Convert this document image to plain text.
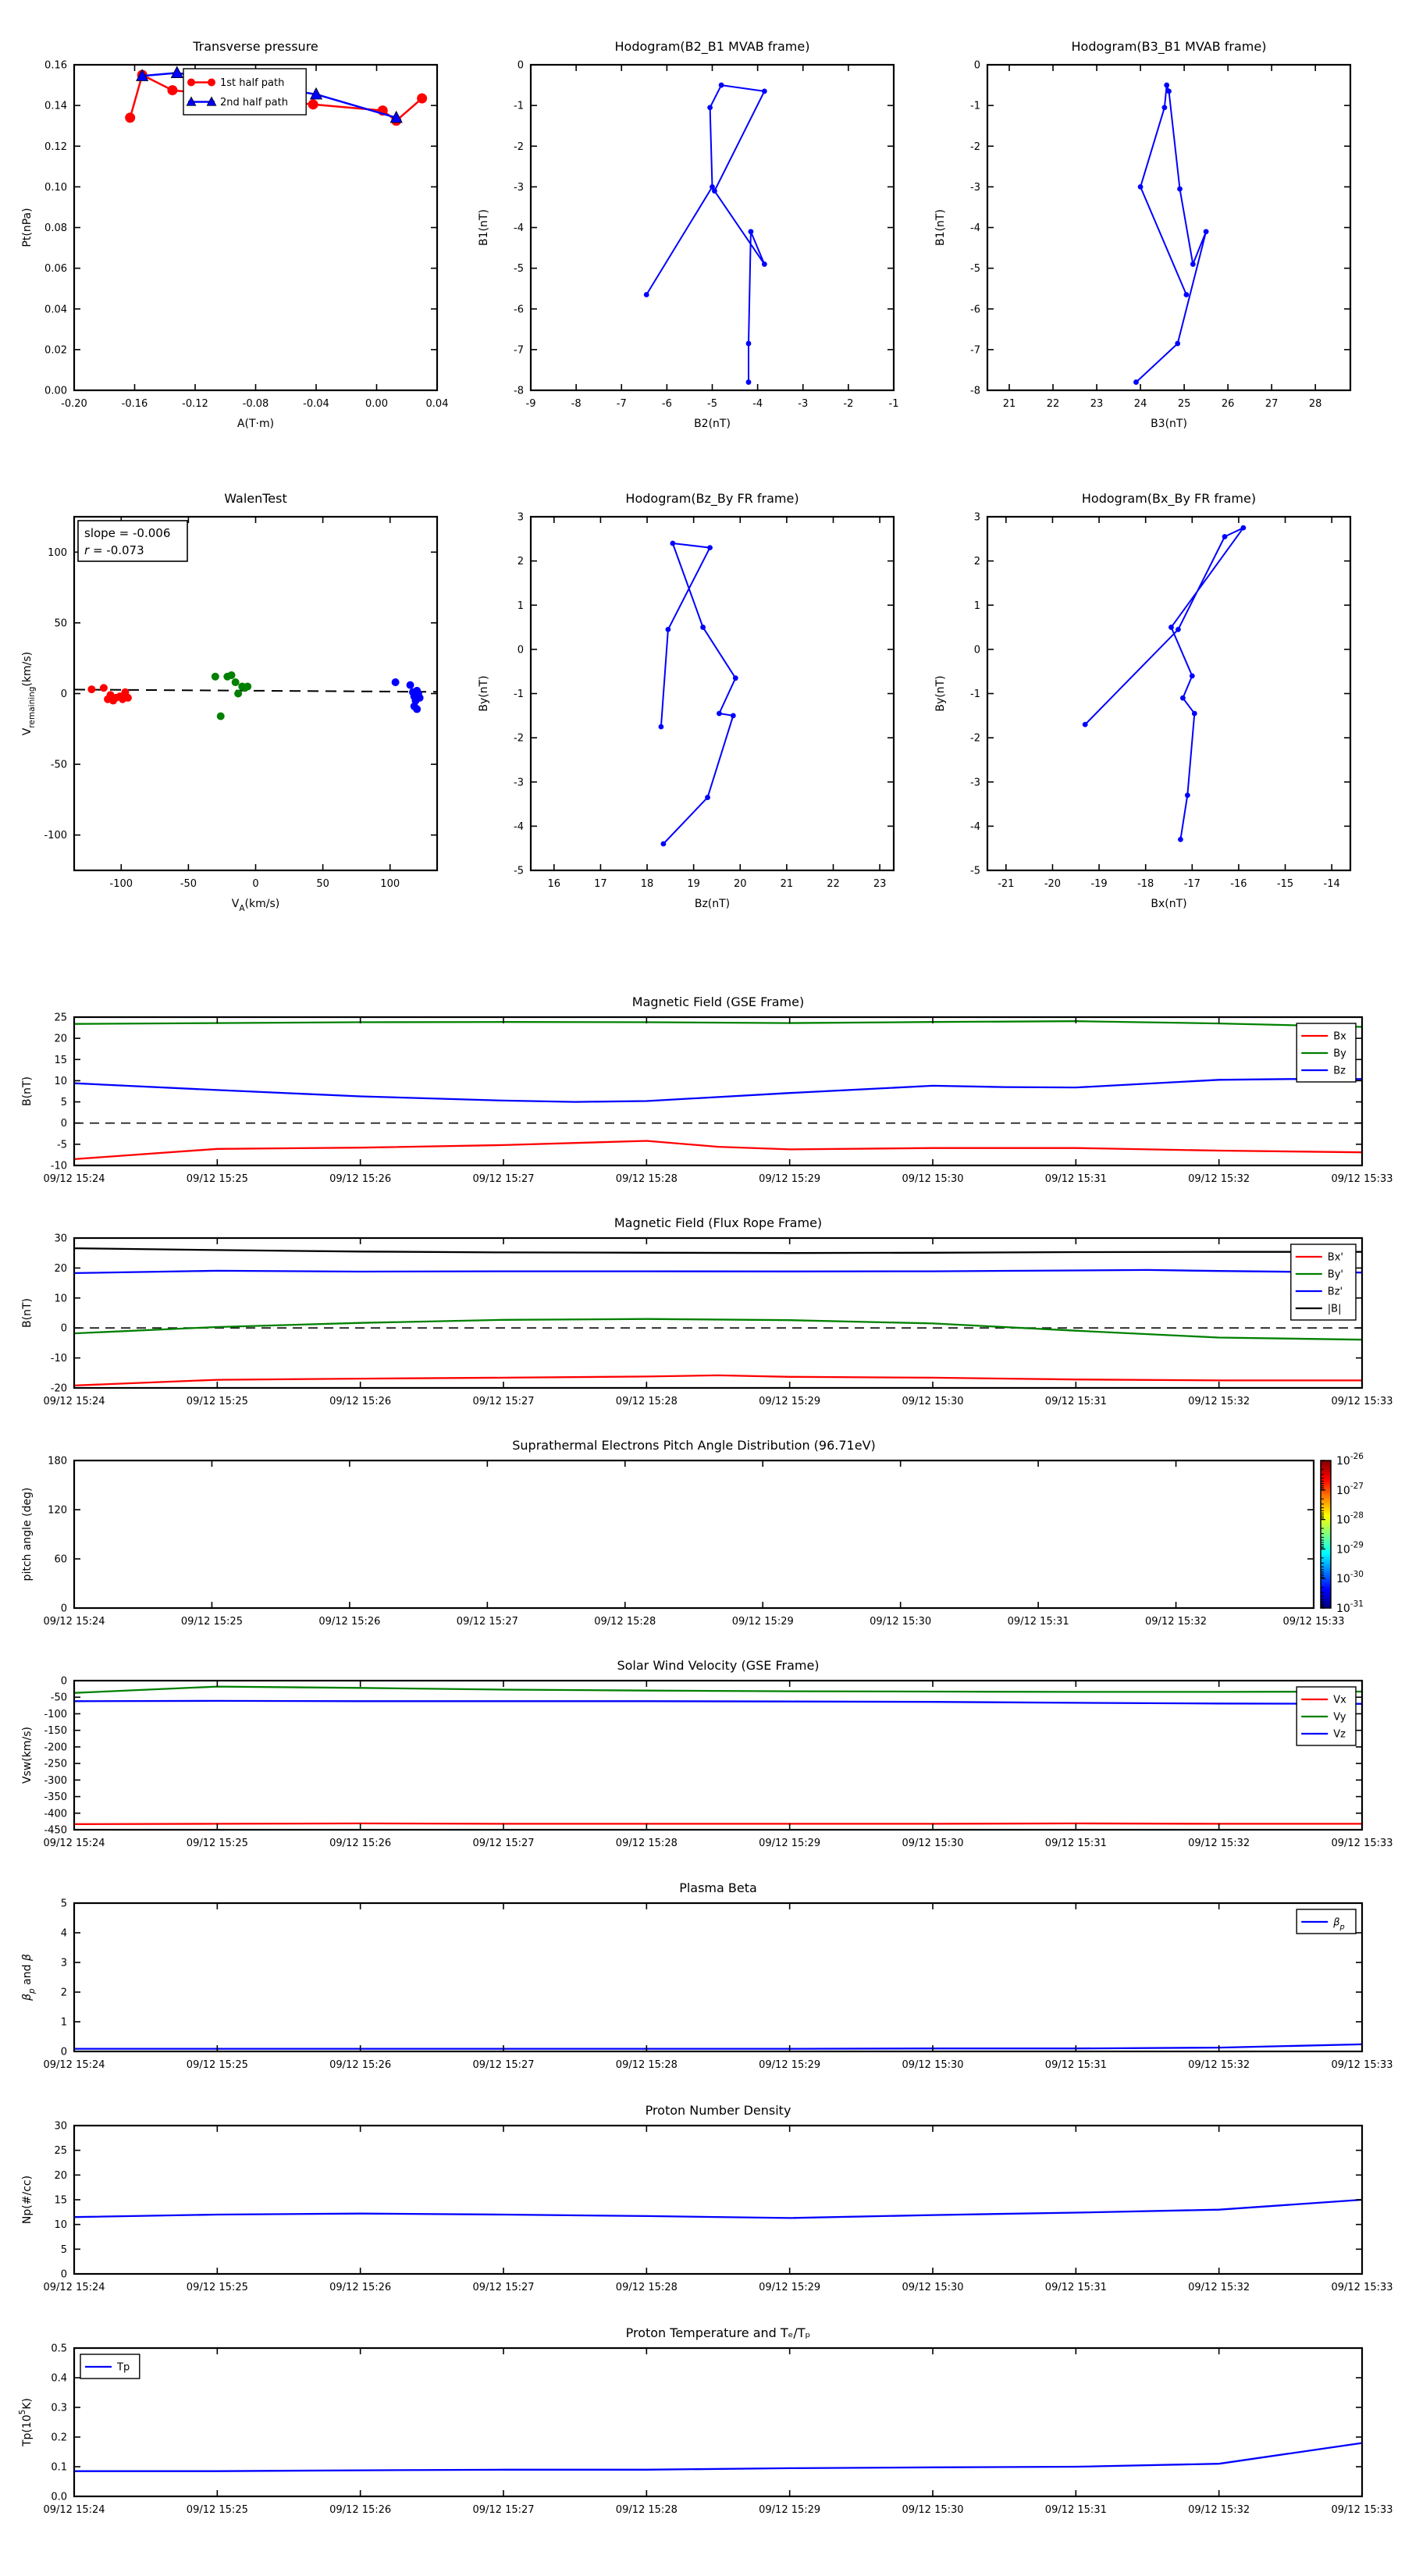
Transverse pressure	Hodogram(B2_B1 MVAB frame)	Hodogram(B3_B1 MVAB frame)
WalenTest	Hodogram(Bz_By FR frame)	Hodogram(Bx_By FR frame)
Magnetic Field (GSE Frame)
Magnetic Field (Flux Rope Frame)
Suprathermal Electrons Pitch Angle Distribution (96.71eV)
Solar Wind Velocity (GSE Frame)
Plasma Beta
Proton Number Density
Proton Temperature and Tₑ/Tₚ
-0.20	-0.16	-0.12	-0.08	-0.04	0.00	0.04
0.00
0.02
0.04
0.06
0.08
0.10
0.12
0.14
0.16
A(T·m)
Pt(nPa)
1st half path
2nd half path
-9	-8	-7	-6	-5	-4	-3	-2	-1
-8
-7
-6
-5
-4
-3
-2
-1
0
B2(nT)
B1(nT)
21	22	23	24	25	26	27	28
-8
-7
-6
-5
-4
-3
-2
-1
0
B3(nT)
B1(nT)
-100	-50	0	50	100
-100
-50
0
50
100
$V_A(km/s)$
$V_{remaining}(km/s)$
slope = -0.006
r = -0.073
16	17	18	19	20	21	22	23
-5
-4
-3
-2
-1
0
1
2
3
Bz(nT)
By(nT)
-21	-20	-19	-18	-17	-16	-15	-14
-5
-4
-3
-2
-1
0
1
2
3
Bx(nT)
By(nT)
09/12 15:24	09/12 15:25	09/12 15:26	09/12 15:27	09/12 15:28	09/12 15:29	09/12 15:30	09/12 15:31	09/12 15:32	09/12 15:33
-10
-5
0
5
10
15
20
25
B(nT)
Bx
By
Bz
09/12 15:24	09/12 15:25	09/12 15:26	09/12 15:27	09/12 15:28	09/12 15:29	09/12 15:30	09/12 15:31	09/12 15:32	09/12 15:33
-20
-10
0
10
20
30
B(nT)
Bx'
By'
Bz'
|B|
09/12 15:24	09/12 15:25	09/12 15:26	09/12 15:27	09/12 15:28	09/12 15:29	09/12 15:30	09/12 15:31	09/12 15:32	09/12 15:33
0
60
120
180
pitch angle (deg)
$10^{-26}$
$10^{-27}$
$10^{-28}$
$10^{-29}$
$10^{-30}$
$10^{-31}$
09/12 15:24	09/12 15:25	09/12 15:26	09/12 15:27	09/12 15:28	09/12 15:29	09/12 15:30	09/12 15:31	09/12 15:32	09/12 15:33
-450
-400
-350
-300
-250
-200
-150
-100
-50
0
Vsw(km/s)
Vx
Vy
Vz
09/12 15:24	09/12 15:25	09/12 15:26	09/12 15:27	09/12 15:28	09/12 15:29	09/12 15:30	09/12 15:31	09/12 15:32	09/12 15:33
0
1
2
3
4
5
$\beta_p$ and β
$\beta_p$
09/12 15:24	09/12 15:25	09/12 15:26	09/12 15:27	09/12 15:28	09/12 15:29	09/12 15:30	09/12 15:31	09/12 15:32	09/12 15:33
0
5
10
15
20
25
30
Np(#/cc)
09/12 15:24	09/12 15:25	09/12 15:26	09/12 15:27	09/12 15:28	09/12 15:29	09/12 15:30	09/12 15:31	09/12 15:32	09/12 15:33
0.0
0.1
0.2
0.3
0.4
0.5
$Tp(10^5K)$
Tp
